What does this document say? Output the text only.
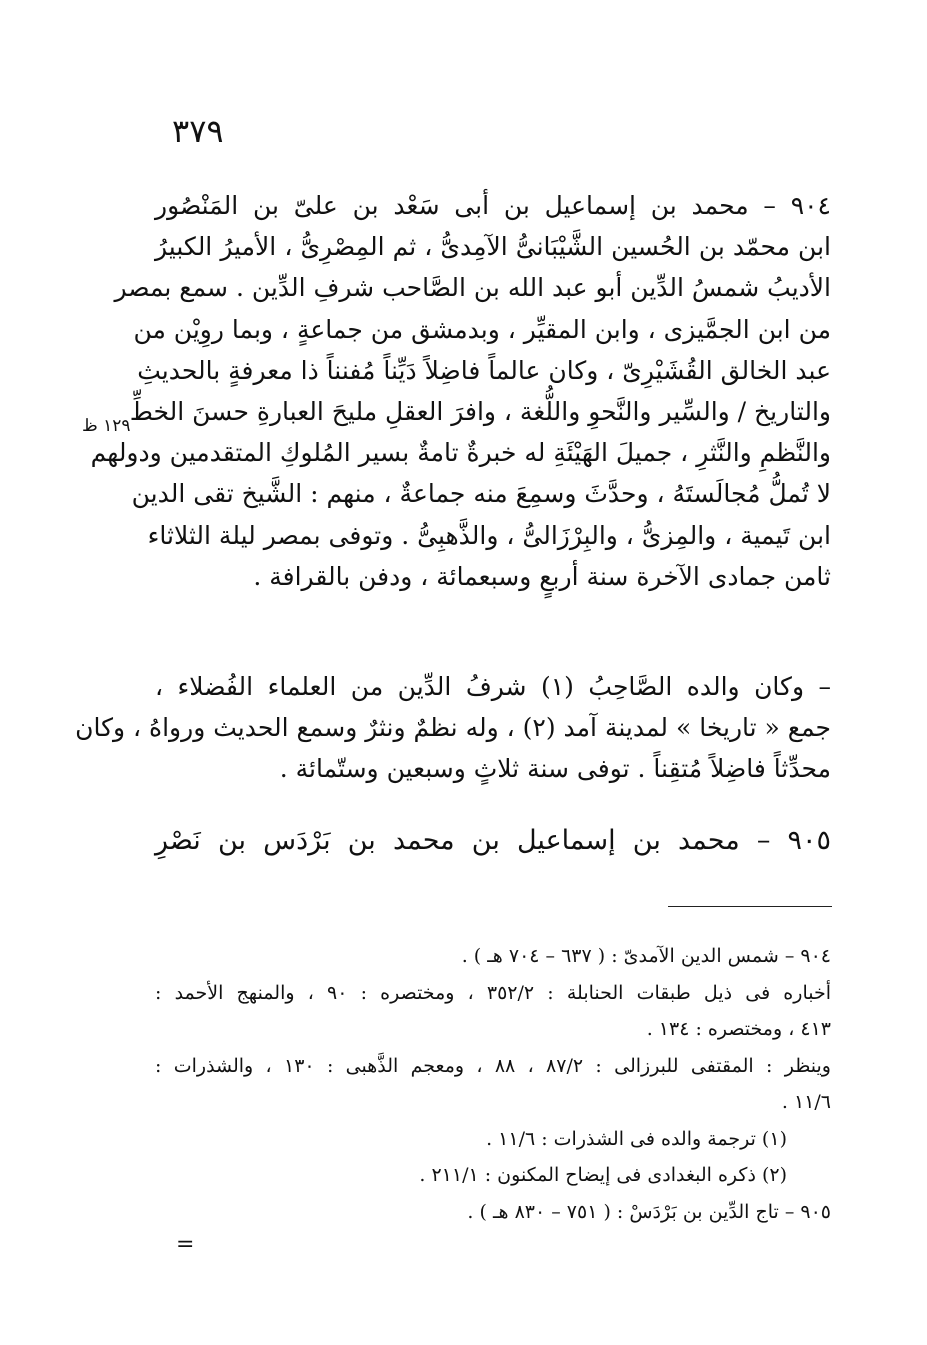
٣٧٩
٩٠٤ – محمد بن إسماعيل بن أبى سَعْد بن علىّ بن المَنْصُور
ابن محمّد بن الحُسين الشَّيْبَانىُّ الآمِدىُّ ، ثم المِصْرِىُّ ، الأميرُ الكبيرُ
الأديبُ شمسُ الدِّين أبو عبد الله بن الصَّاحب شرفِ الدِّين . سمع بمصر
من ابن الجمَّيزى ، وابن المقيِّر ، وبدمشق من جماعةٍ ، وبما روِيْن من
عبد الخالق القُشَيْرِىّ ، وكان عالماً فاضِلاً دَيِّناً مُفنناً ذا معرفةٍ بالحديثِ
والتاريخ / والسِّير والنَّحوِ واللُّغة ، وافرَ العقلِ مليحَ العبارةِ حسنَ الخطِّ
والنَّظمِ والنَّثرِ ، جميلَ الهَيْئَةِ له خبرةٌ تامةٌ بسير المُلوكِ المتقدمين ودولهم
لا تُملُّ مُجالَستَهُ ، وحدَّثَ وسمِعَ منه جماعةٌ ، منهم : الشَّيخ تقى الدين
ابن تَيمية ، والمِزىُّ ، والبِرْزَالىُّ ، والذَّهبِىُّ . وتوفى بمصر ليلة الثلاثاء
ثامن جمادى الآخرة سنة أربعٍ وسبعمائة ، ودفن بالقرافة .
١٢٩ ظ
– وكان والده الصَّاحِبُ (١) شرفُ الدِّين من العلماء الفُضلاء ،
جمع « تاريخا » لمدينة آمد (٢) ، وله نظمٌ ونثرٌ وسمع الحديث ورواهُ ، وكان
محدِّثاً فاضِلاً مُتقِناً . توفى سنة ثلاثٍ وسبعين وستّمائة .
٩٠٥ – محمد بن إسماعيل بن محمد بن بَرْدَس بن نَصْرِ
٩٠٤ – شمس الدين الآمدىّ : ( ٦٣٧ – ٧٠٤ هـ ) .
أخباره فى ذيل طبقات الحنابلة : ٣٥٢/٢ ، ومختصره : ٩٠ ، والمنهج الأحمد :
٤١٣ ، ومختصره : ١٣٤ .
وينظر : المقتفى للبرزالى : ٨٧/٢ ، ٨٨ ، ومعجم الذَّهبى : ١٣٠ ، والشذرات :
١١/٦ .
(١) ترجمة والده فى الشذرات : ١١/٦ .
(٢) ذكره البغدادى فى إيضاح المكنون : ٢١١/١ .
٩٠٥ – تاج الدِّين بن بَرْدَسْ : ( ٧٥١ – ٨٣٠ هـ ) .
=
